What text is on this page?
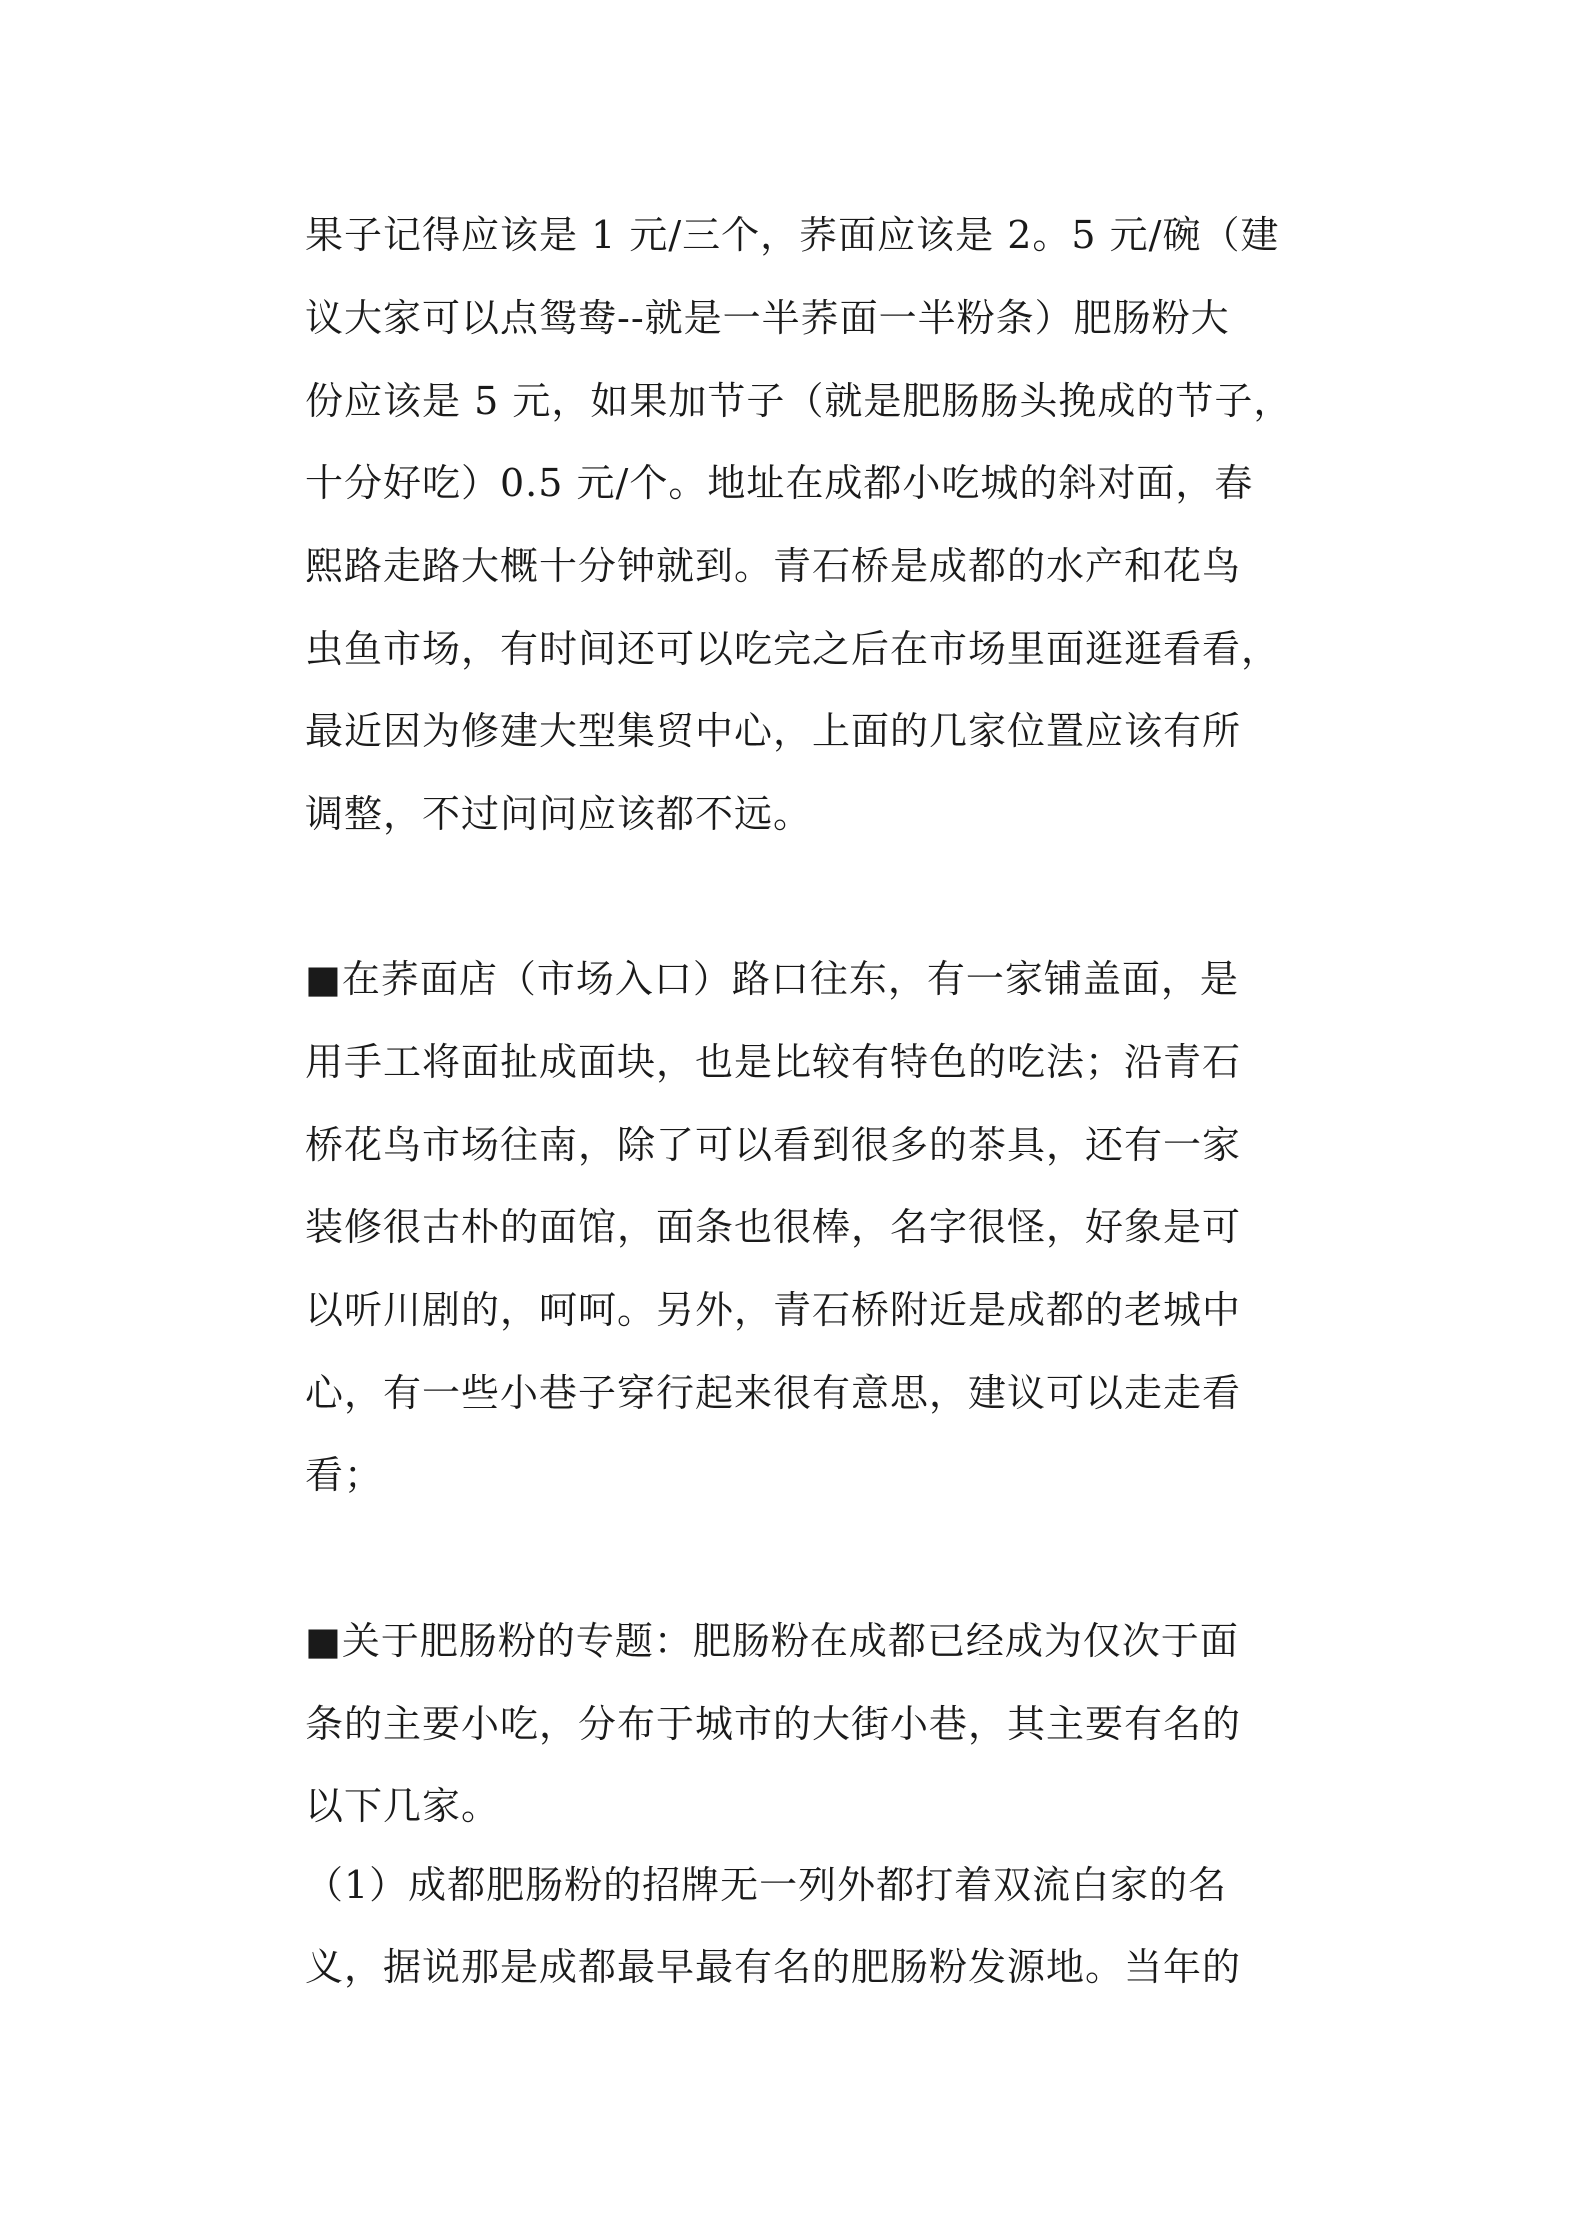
果子记得应该是 1 元/三个，荞面应该是 2。5 元/碗（建
议大家可以点鸳鸯--就是一半荞面一半粉条）肥肠粉大
份应该是 5 元，如果加节子（就是肥肠肠头挽成的节子，
十分好吃）0.5 元/个。地址在成都小吃城的斜对面，春
熙路走路大概十分钟就到。青石桥是成都的水产和花鸟
虫鱼市场，有时间还可以吃完之后在市场里面逛逛看看，
最近因为修建大型集贸中心，上面的几家位置应该有所
调整，不过问问应该都不远。
■在荞面店（市场入口）路口往东，有一家铺盖面，是
用手工将面扯成面块，也是比较有特色的吃法；沿青石
桥花鸟市场往南，除了可以看到很多的茶具，还有一家
装修很古朴的面馆，面条也很棒，名字很怪，好象是可
以听川剧的，呵呵。另外，青石桥附近是成都的老城中
心，有一些小巷子穿行起来很有意思，建议可以走走看
看；
■关于肥肠粉的专题：肥肠粉在成都已经成为仅次于面
条的主要小吃，分布于城市的大街小巷，其主要有名的
以下几家。
（1）成都肥肠粉的招牌无一列外都打着双流白家的名
义，据说那是成都最早最有名的肥肠粉发源地。当年的
